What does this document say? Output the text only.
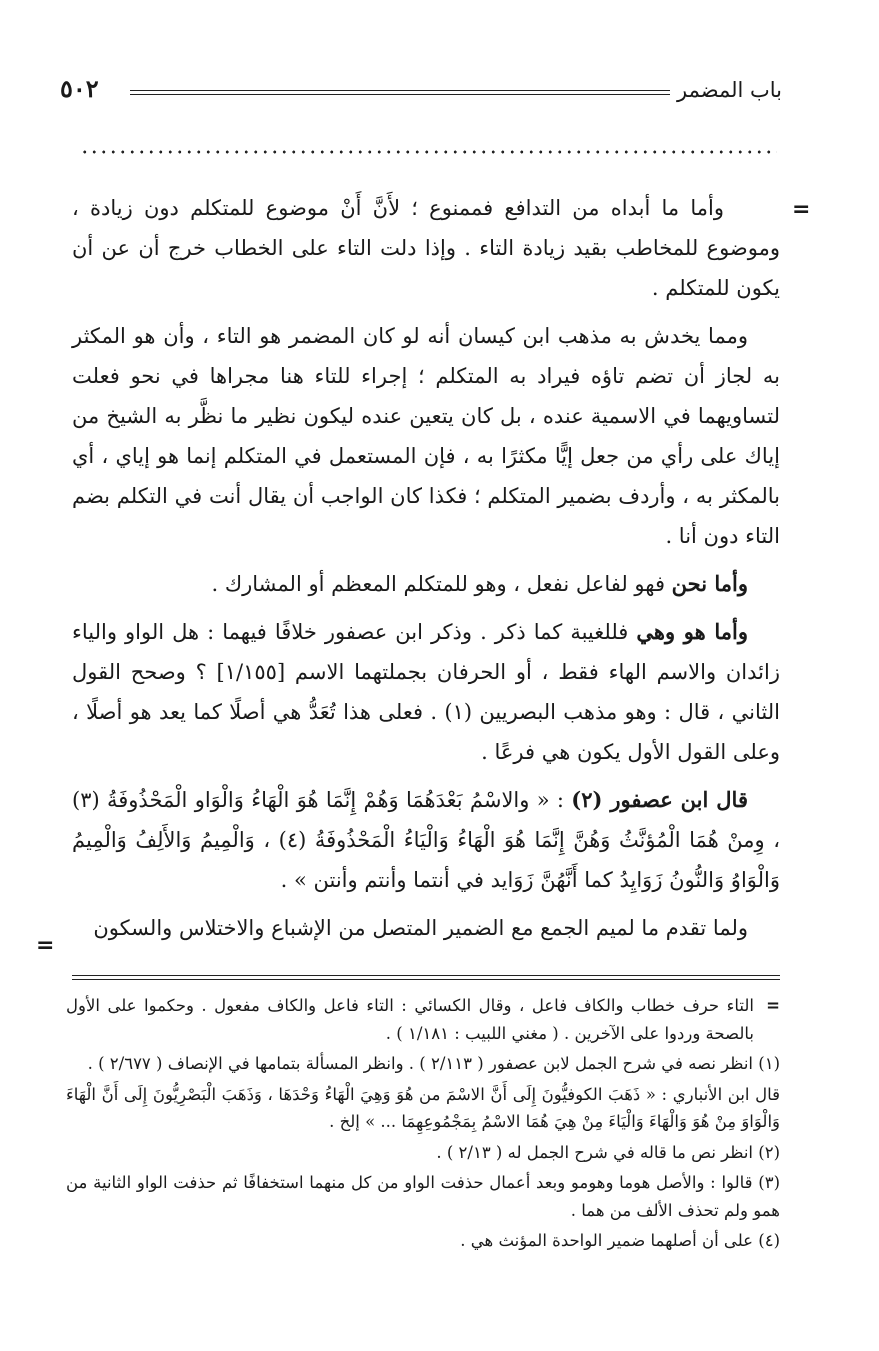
٥٠٢	باب المضمر
=
=

وأما ما أبداه من التدافع فممنوع ؛ لأَنَّ أَنْ موضوع للمتكلم دون زيادة ، وموضوع للمخاطب بقيد زيادة التاء . وإذا دلت التاء على الخطاب خرج أن عن أن يكون للمتكلم .

ومما يخدش به مذهب ابن كيسان أنه لو كان المضمر هو التاء ، وأن هو المكثر به لجاز أن تضم تاؤه فيراد به المتكلم ؛ إجراء للتاء هنا مجراها في نحو فعلت لتساويهما في الاسمية عنده ، بل كان يتعين عنده ليكون نظير ما نظَّر به الشيخ من إياك على رأي من جعل إيًّا مكثرًا به ، فإن المستعمل في المتكلم إنما هو إياي ، أي بالمكثر به ، وأردف بضمير المتكلم ؛ فكذا كان الواجب أن يقال أنت في التكلم بضم التاء دون أنا .

وأما نحن فهو لفاعل نفعل ، وهو للمتكلم المعظم أو المشارك .

وأما هو وهي فللغيبة كما ذكر . وذكر ابن عصفور خلافًا فيهما : هل الواو والياء زائدان والاسم الهاء فقط ، أو الحرفان بجملتهما الاسم [١/١٥٥] ؟ وصحح القول الثاني ، قال : وهو مذهب البصريين (١) . فعلى هذا تُعَدُّ هي أصلًا كما يعد هو أصلًا ، وعلى القول الأول يكون هي فرعًا .

قال ابن عصفور (٢) : « والاسْمُ بَعْدَهُمَا وَهُمْ إِنَّمَا هُوَ الْهَاءُ وَالْوَاو الْمَحْذُوفَةُ (٣) ، وِمنْ هُمَا الْمُؤنَّثُ وَهُنَّ إِنَّمَا هُوَ الْهَاءُ وَالْيَاءُ الْمَحْذُوفَةُ (٤) ، وَالْمِيمُ وَالأَلِفُ وَالْمِيمُ وَالْوَاوُ وَالنُّونُ زَوَايِدُ كما أَنَّهُنَّ زَوَايد في أنتما وأنتم وأنتن » .

ولما تقدم ما لميم الجمع مع الضمير المتصل من الإشباع والاختلاس والسكون

=
التاء حرف خطاب والكاف فاعل ، وقال الكسائي : التاء فاعل والكاف مفعول . وحكموا على الأول بالصحة وردوا على الآخرين . ( مغني اللبيب : ١/١٨١ ) .

(١) انظر نصه في شرح الجمل لابن عصفور ( ٢/١١٣ ) . وانظر المسألة بتمامها في الإنصاف ( ٢/٦٧٧ ) .

قال ابن الأنباري : « ذَهَبَ الكوفيُّونَ إِلَى أَنَّ الاسْمَ من هُوَ وَهِيَ الْهَاءُ وَحْدَهَا ، وَذَهَبَ الْبَصْرِيُّونَ إِلَى أَنَّ الْهَاءَ وَالْوَاوَ مِنْ هُوَ وَالْهَاءَ وَالْيَاءَ مِنْ هِيَ هُمَا الاسْمُ بِمَجْمُوعِهِمَا ... » إلخ .

(٢) انظر نص ما قاله في شرح الجمل له ( ٢/١٣ ) .

(٣) قالوا : والأصل هوما وهومو وبعد أعمال حذفت الواو من كل منهما استخفافًا ثم حذفت الواو الثانية من همو ولم تحذف الألف من هما .

(٤) على أن أصلهما ضمير الواحدة المؤنث هي .
